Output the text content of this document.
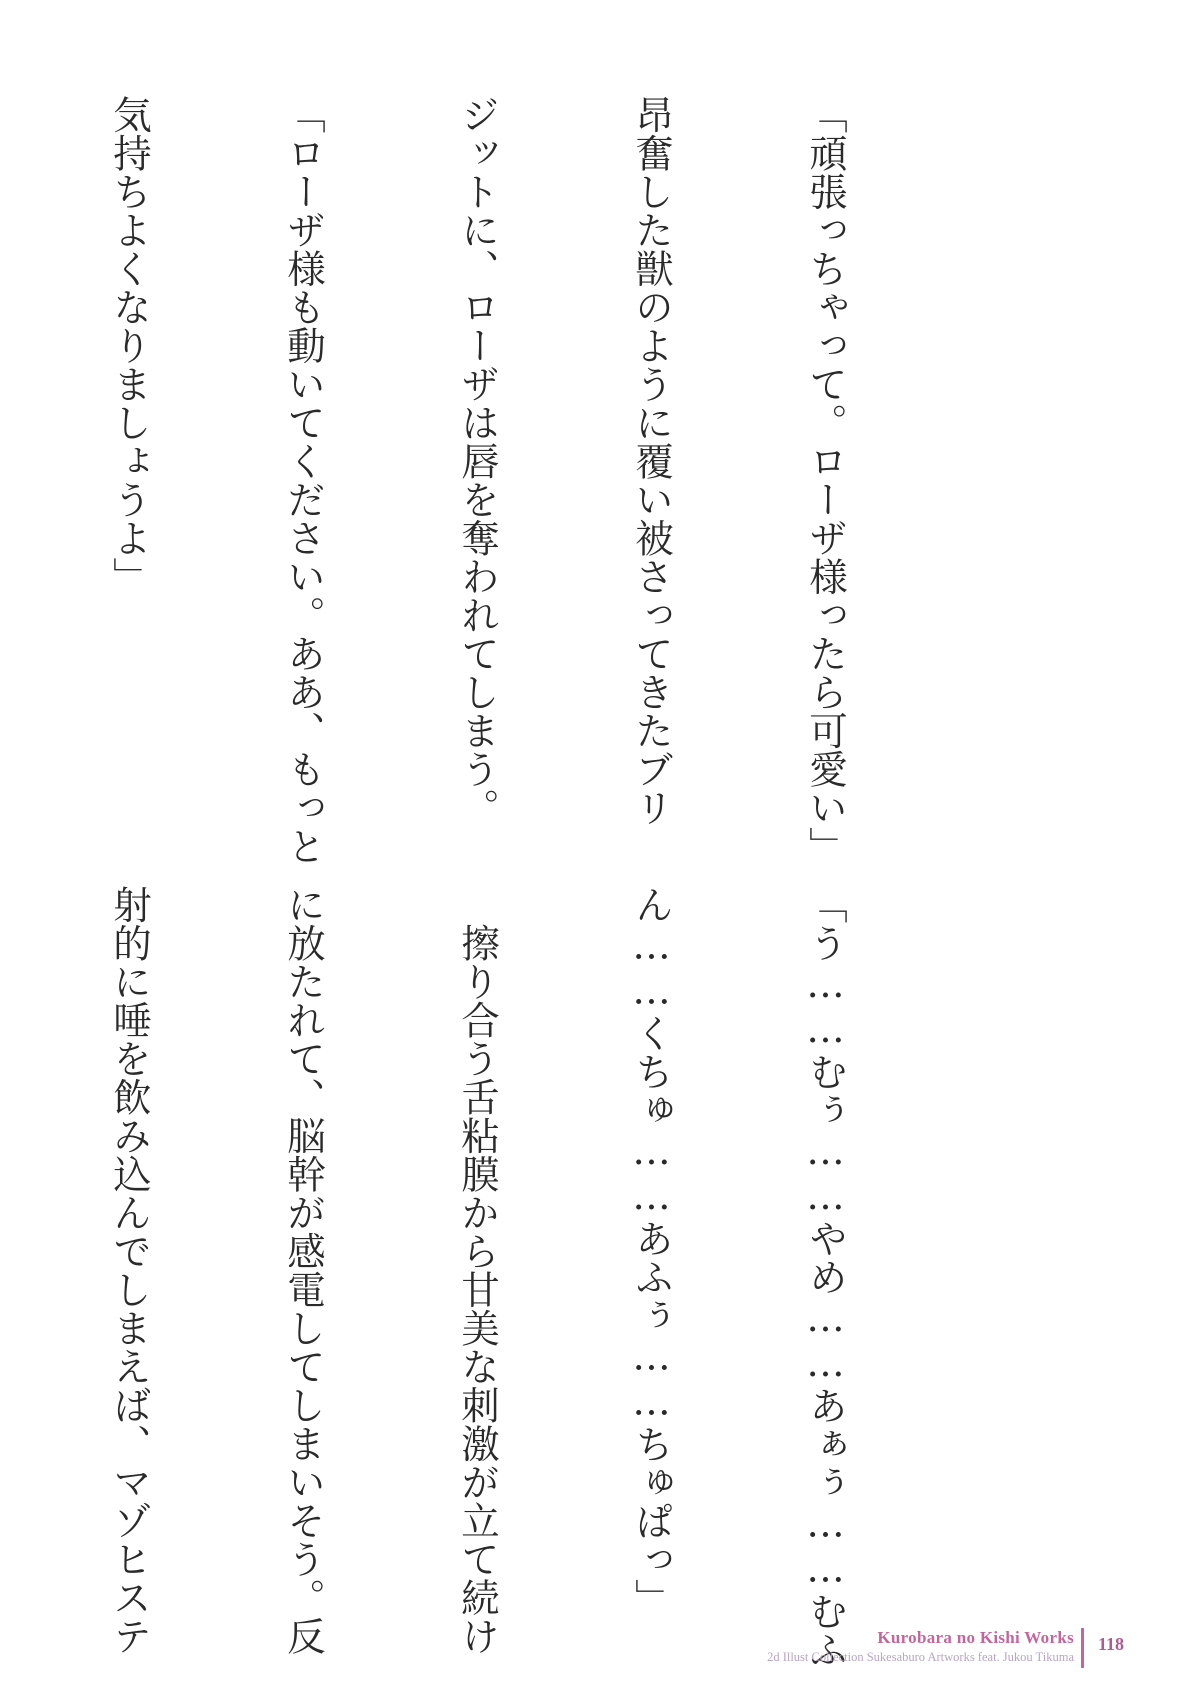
「頑張っちゃって。ローザ様ったら可愛い」

昂奮した獣のように覆い被さってきたブリ

ジットに、ローザは唇を奪われてしまう。

「ローザ様も動いてください。ああ、もっと

気持ちよくなりましょうよ」

「う……むぅ……やめ……あぁぅ……むふ

ん……くちゅ……あふぅ……ちゅぱっ」

　擦り合う舌粘膜から甘美な刺激が立て続け

に放たれて、脳幹が感電してしまいそう。反

射的に唾を飲み込んでしまえば、マゾヒステ

	Kurobara no Kishi Works
2d Illust Collection Sukesaburo Artworks feat. Jukou Tikuma
118
